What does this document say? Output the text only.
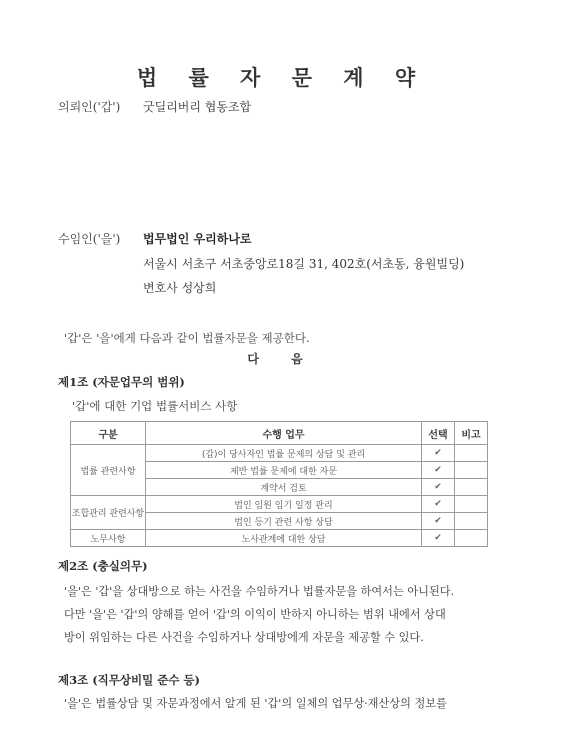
법 률 자 문 계 약
의뢰인('갑') 굿딜리버리 협동조합
수임인('을') 법무법인 우리하나로
서울시 서초구 서초중앙로18길 31, 402호(서초동, 융원빌딩)
변호사 성상희
'갑'은 '을'에게 다음과 같이 법률자문을 제공한다.
다 음
제1조 (자문업무의 범위)
'갑'에 대한 기업 법률서비스 사항
구분	수행 업무	선택	비고
법률 관련사항	(갑)이 당사자인 법률 문제의 상담 및 관리	✔	
	제반 법률 문제에 대한 자문	✔	
	계약서 검토	✔	
조합관리 관련사항	법인 임원 임기 일정 관리	✔	
	법인 등기 관련 사항 상담	✔	
노무사항	노사관계에 대한 상담	✔	
제2조 (충실의무)
'을'은 '갑'을 상대방으로 하는 사건을 수임하거나 법률자문을 하여서는 아니된다.
다만 '을'은 '갑'의 양해를 얻어 '갑'의 이익이 반하지 아니하는 범위 내에서 상대
방이 위임하는 다른 사건을 수임하거나 상대방에게 자문을 제공할 수 있다.
제3조 (직무상비밀 준수 등)
'을'은 법률상담 및 자문과정에서 알게 된 '갑'의 일체의 업무상·재산상의 정보를
